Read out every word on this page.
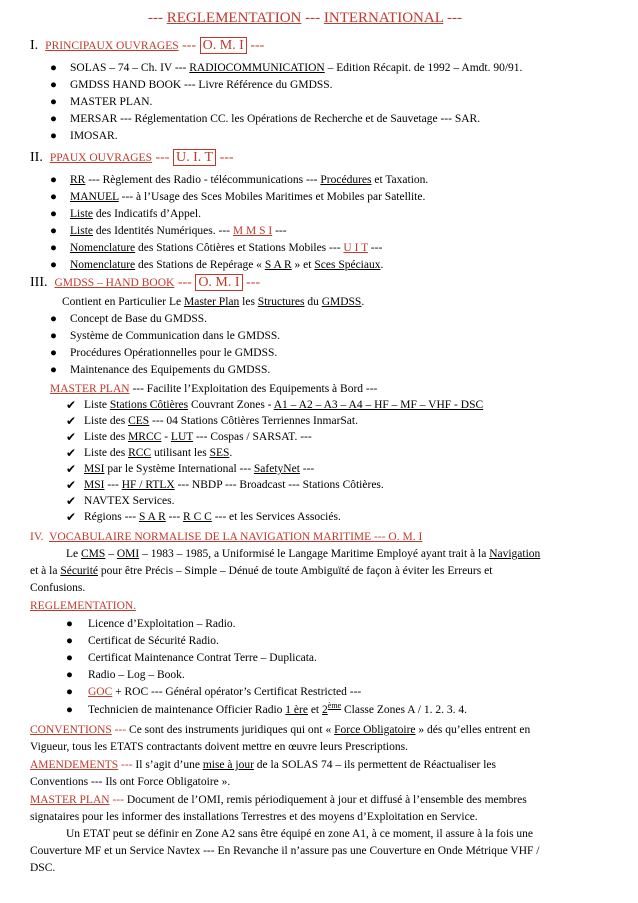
--- REGLEMENTATION --- INTERNATIONAL ---
I. PRINCIPAUX OUVRAGES --- O. M. I ---
● SOLAS – 74 – Ch. IV --- RADIOCOMMUNICATION – Edition Récapit. de 1992 – Amdt. 90/91.
● GMDSS HAND BOOK --- Livre Référence du GMDSS.
● MASTER PLAN.
● MERSAR --- Réglementation CC. les Opérations de Recherche et de Sauvetage --- SAR.
● IMOSAR.
II. PPAUX OUVRAGES --- U. I. T ---
● RR --- Règlement des Radio - télécommunications --- Procédures et Taxation.
● MANUEL --- à l’Usage des Sces Mobiles Maritimes et Mobiles par Satellite.
● Liste des Indicatifs d’Appel.
● Liste des Identités Numériques. --- M M S I ---
● Nomenclature des Stations Côtières et Stations Mobiles --- U I T ---
● Nomenclature des Stations de Repérage « S A R » et Sces Spéciaux.
III. GMDSS – HAND BOOK --- O. M. I ---
Contient en Particulier Le Master Plan les Structures du GMDSS.
● Concept de Base du GMDSS.
● Système de Communication dans le GMDSS.
● Procédures Opérationnelles pour le GMDSS.
● Maintenance des Equipements du GMDSS.
MASTER PLAN --- Facilite l’Exploitation des Equipements à Bord ---
✔ Liste Stations Côtières Couvrant Zones - A1 – A2 – A3 – A4 – HF – MF – VHF - DSC
✔ Liste des CES --- 04 Stations Côtières Terriennes InmarSat.
✔ Liste des MRCC - LUT --- Cospas / SARSAT. ---
✔ Liste des RCC utilisant les SES.
✔ MSI par le Système International --- SafetyNet ---
✔ MSI --- HF / RTLX --- NBDP --- Broadcast --- Stations Côtières.
✔ NAVTEX Services.
✔ Régions --- S A R --- R C C --- et les Services Associés.
IV. VOCABULAIRE NORMALISE DE LA NAVIGATION MARITIME --- O. M. I
Le CMS – OMI – 1983 – 1985, a Uniformisé le Langage Maritime Employé ayant trait à la Navigation
et à la Sécurité pour être Précis – Simple – Dénué de toute Ambiguïté de façon à éviter les Erreurs et
Confusions.
REGLEMENTATION.
● Licence d’Exploitation – Radio.
● Certificat de Sécurité Radio.
● Certificat Maintenance Contrat Terre – Duplicata.
● Radio – Log – Book.
● GOC + ROC --- Général opérator’s Certificat Restricted ---
● Technicien de maintenance Officier Radio 1 ère et 2ème Classe Zones A / 1. 2. 3. 4.
CONVENTIONS --- Ce sont des instruments juridiques qui ont « Force Obligatoire » dés qu’elles entrent en
Vigueur, tous les ETATS contractants doivent mettre en œuvre leurs Prescriptions.
AMENDEMENTS --- Il s’agit d’une mise à jour de la SOLAS 74 – ils permettent de Réactualiser les
Conventions --- Ils ont Force Obligatoire ».
MASTER PLAN --- Document de l’OMI, remis périodiquement à jour et diffusé à l’ensemble des membres
signataires pour les informer des installations Terrestres et des moyens d’Exploitation en Service.
Un ETAT peut se définir en Zone A2 sans être équipé en zone A1, à ce moment, il assure à la fois une
Couverture MF et un Service Navtex --- En Revanche il n’assure pas une Couverture en Onde Métrique VHF /
DSC.
